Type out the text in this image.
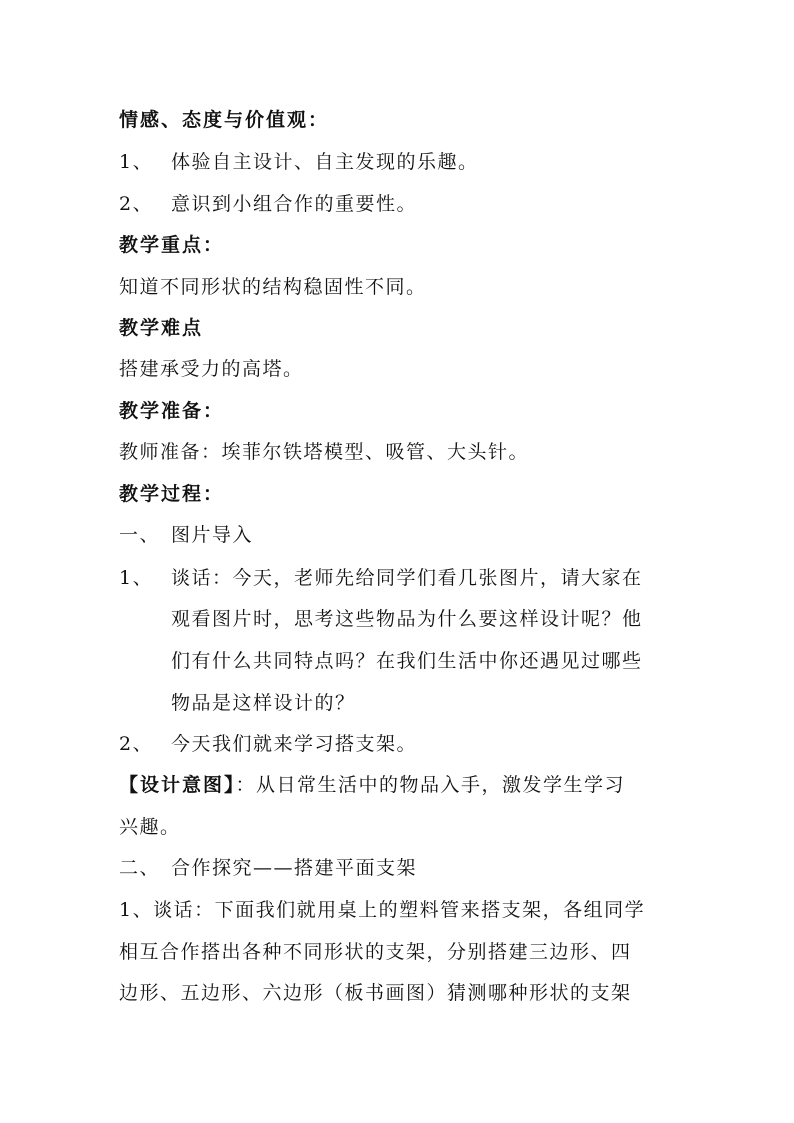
情感、态度与价值观：
1、 体验自主设计、自主发现的乐趣。
2、 意识到小组合作的重要性。
教学重点：
知道不同形状的结构稳固性不同。
教学难点
搭建承受力的高塔。
教学准备：
教师准备：埃菲尔铁塔模型、吸管、大头针。
教学过程：
一、 图片导入
1、 谈话：今天，老师先给同学们看几张图片，请大家在
观看图片时，思考这些物品为什么要这样设计呢？他
们有什么共同特点吗？在我们生活中你还遇见过哪些
物品是这样设计的？
2、 今天我们就来学习搭支架。
【设计意图】：从日常生活中的物品入手，激发学生学习
兴趣。
二、 合作探究——搭建平面支架
1、谈话：下面我们就用桌上的塑料管来搭支架，各组同学
相互合作搭出各种不同形状的支架，分别搭建三边形、四
边形、五边形、六边形（板书画图）猜测哪种形状的支架
